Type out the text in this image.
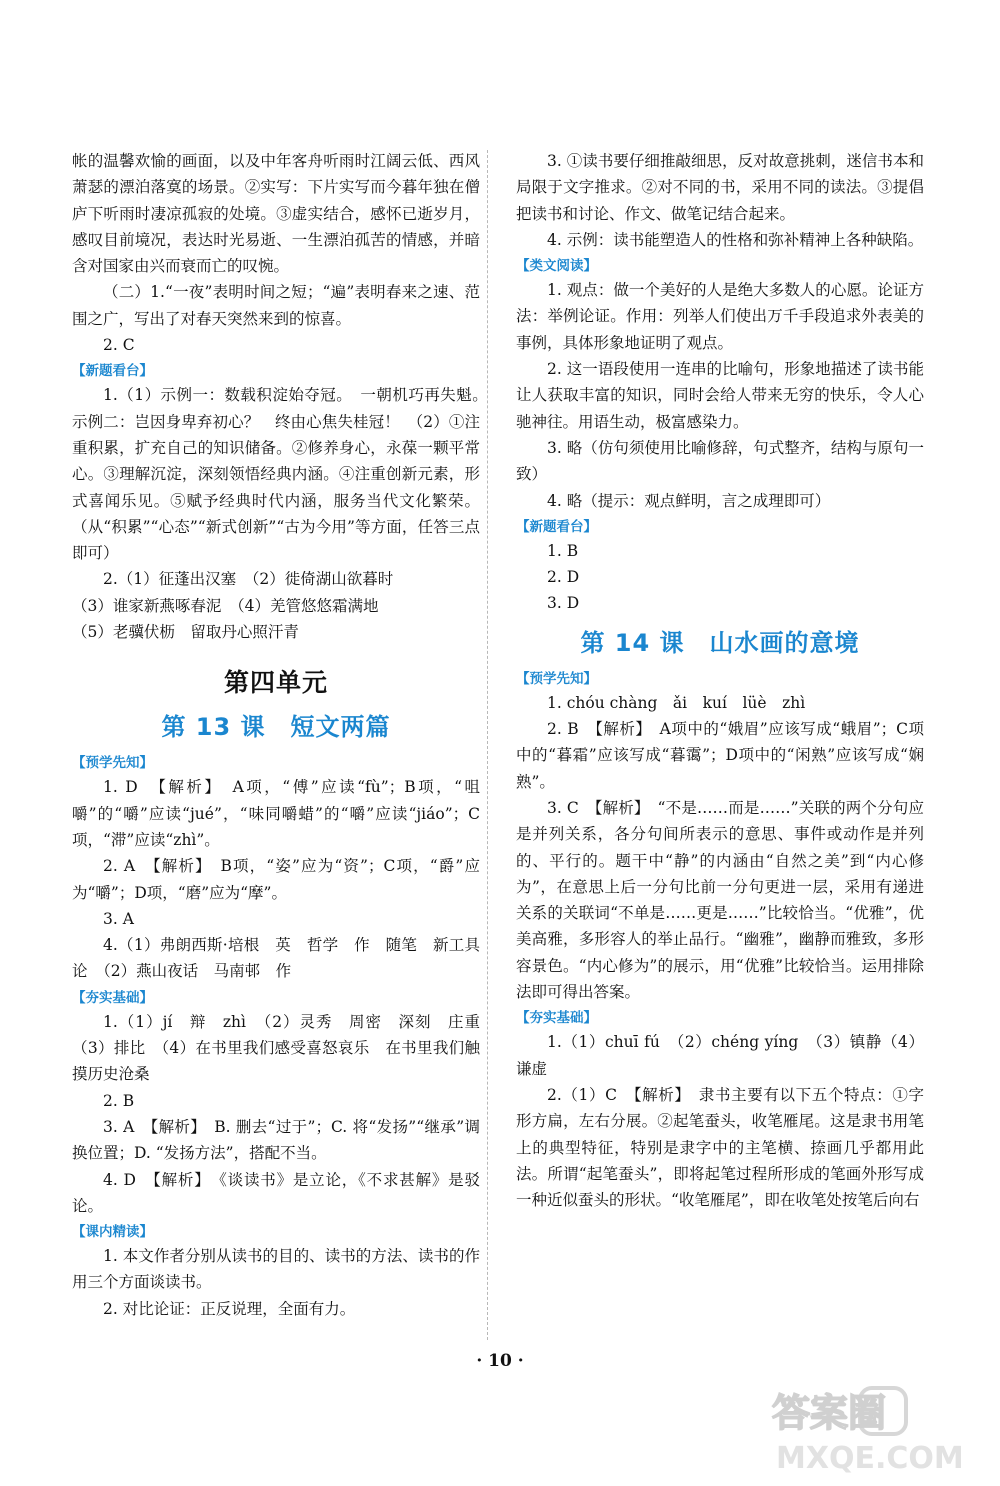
帐的温馨欢愉的画面，以及中年客舟听雨时江阔云低、西风萧瑟的漂泊落寞的场景。②实写：下片实写而今暮年独在僧庐下听雨时凄凉孤寂的处境。③虚实结合，感怀已逝岁月，感叹目前境况，表达时光易逝、一生漂泊孤苦的情感，并暗含对国家由兴而衰而亡的叹惋。

（二）1.“一夜”表明时间之短；“遍”表明春来之速、范围之广，写出了对春天突然来到的惊喜。

2. C

【新题看台】

1.（1）示例一：数载积淀始夺冠。　一朝机巧再失魁。　示例二：岂因身卑弃初心？　终由心焦失桂冠！　（2）①注重积累，扩充自己的知识储备。②修养身心，永葆一颗平常心。③理解沉淀，深刻领悟经典内涵。④注重创新元素，形式喜闻乐见。⑤赋予经典时代内涵，服务当代文化繁荣。（从“积累”“心态”“新式创新”“古为今用”等方面，任答三点即可）

2.（1）征蓬出汉塞　（2）徙倚湖山欲暮时

（3）谁家新燕啄春泥　（4）羌管悠悠霜满地

（5）老骥伏枥　留取丹心照汗青

第四单元
第 13 课　短文两篇
【预学先知】

1. D　【解析】　A项，“傅”应读“fù”；B项，“咀嚼”的“嚼”应读“jué”，“味同嚼蜡”的“嚼”应读“jiáo”；C项，“滞”应读“zhì”。

2. A　【解析】　B项，“姿”应为“资”；C项，“爵”应为“嚼”；D项，“磨”应为“摩”。

3. A

4.（1）弗朗西斯·培根　英　哲学　作　随笔　新工具论　（2）燕山夜话　马南邨　作

【夯实基础】

1.（1）jí　辩　zhì　（2）灵秀　周密　深刻　庄重　（3）排比　（4）在书里我们感受喜怒哀乐　在书里我们触摸历史沧桑

2. B

3. A　【解析】　B. 删去“过于”；C. 将“发扬”“继承”调换位置；D. “发扬方法”，搭配不当。

4. D　【解析】　《谈读书》是立论，《不求甚解》是驳论。

【课内精读】

1. 本文作者分别从读书的目的、读书的方法、读书的作用三个方面谈读书。

2. 对比论证：正反说理，全面有力。

3. ①读书要仔细推敲细思，反对故意挑刺，迷信书本和局限于文字推求。②对不同的书，采用不同的读法。③提倡把读书和讨论、作文、做笔记结合起来。

4. 示例：读书能塑造人的性格和弥补精神上各种缺陷。

【类文阅读】

1. 观点：做一个美好的人是绝大多数人的心愿。论证方法：举例论证。作用：列举人们使出万千手段追求外表美的事例，具体形象地证明了观点。

2. 这一语段使用一连串的比喻句，形象地描述了读书能让人获取丰富的知识，同时会给人带来无穷的快乐，令人心驰神往。用语生动，极富感染力。

3. 略（仿句须使用比喻修辞，句式整齐，结构与原句一致）

4. 略（提示：观点鲜明，言之成理即可）

【新题看台】

1. B

2. D

3. D

第 14 课　山水画的意境
【预学先知】

1. chóu chàng　ǎi　kuí　lüè　zhì

2. B　【解析】　A项中的“娥眉”应该写成“蛾眉”；C项中的“暮霜”应该写成“暮霭”；D项中的“闲熟”应该写成“娴熟”。

3. C　【解析】　“不是……而是……”关联的两个分句应是并列关系，各分句间所表示的意思、事件或动作是并列的、平行的。题干中“静”的内涵由“自然之美”到“内心修为”，在意思上后一分句比前一分句更进一层，采用有递进关系的关联词“不单是……更是……”比较恰当。“优雅”，优美高雅，多形容人的举止品行。“幽雅”，幽静而雅致，多形容景色。“内心修为”的展示，用“优雅”比较恰当。运用排除法即可得出答案。

【夯实基础】

1.（1）chuī fú　（2）chéng yíng　（3）镇静（4）谦虚

2.（1）C　【解析】　隶书主要有以下五个特点：①字形方扁，左右分展。②起笔蚕头，收笔雁尾。这是隶书用笔上的典型特征，特别是隶字中的主笔横、捺画几乎都用此法。所谓“起笔蚕头”，即将起笔过程所形成的笔画外形写成一种近似蚕头的形状。“收笔雁尾”，即在收笔处按笔后向右

· 10 ·
答案圈
MXQE.COM
